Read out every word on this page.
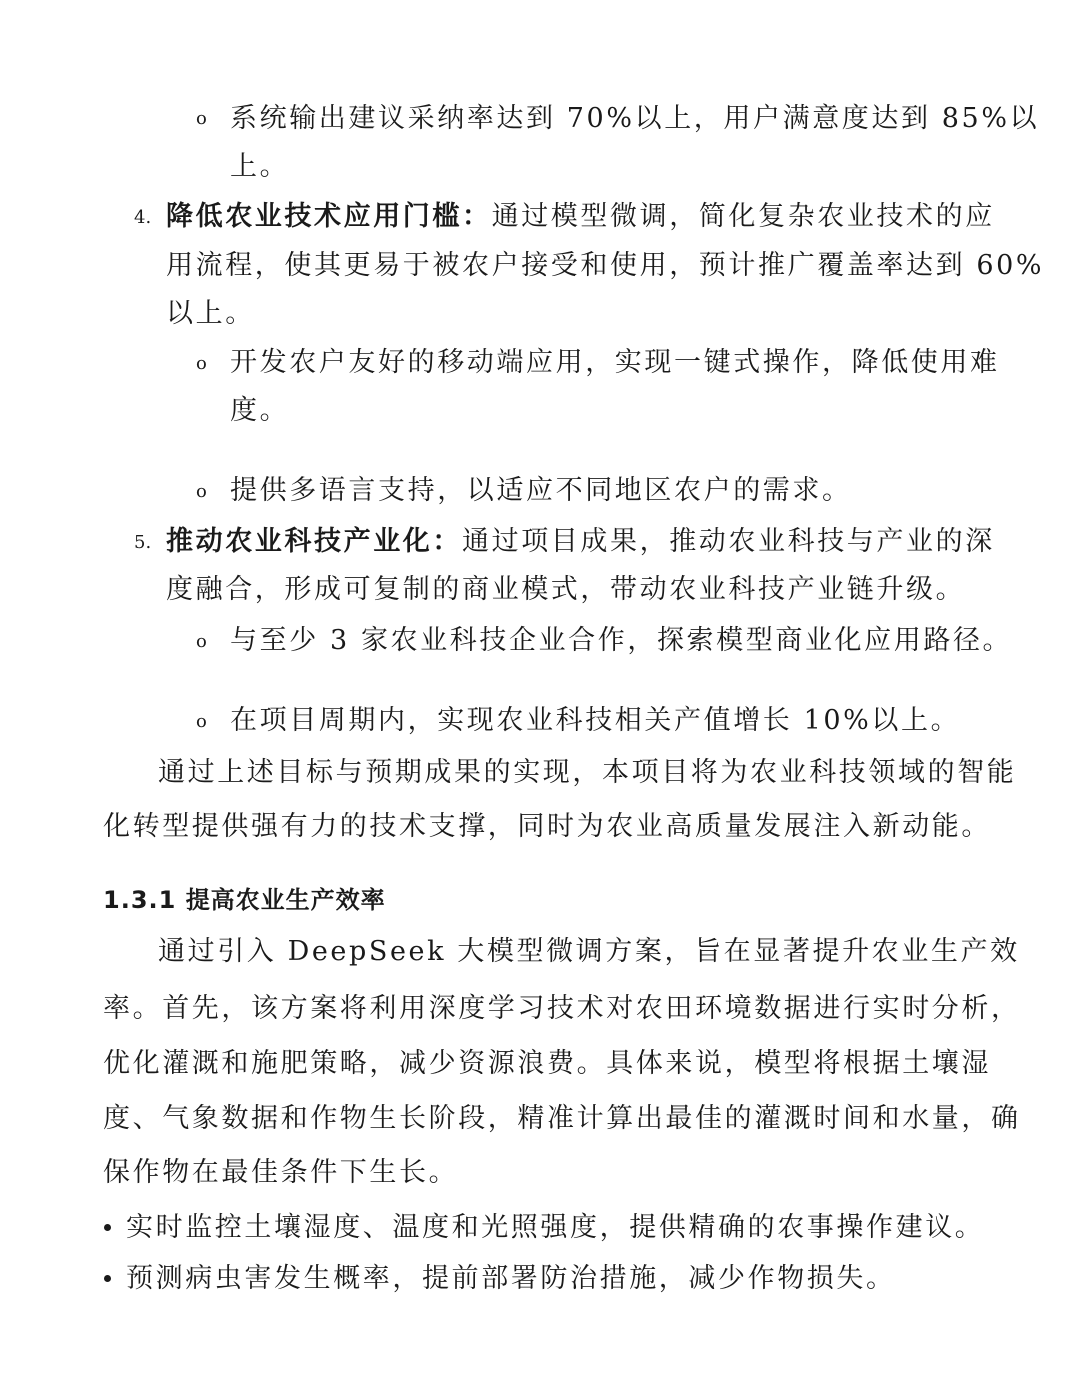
o 系统输出建议采纳率达到 70%以上，用户满意度达到 85%以
上。
4. 降低农业技术应用门槛：通过模型微调，简化复杂农业技术的应
用流程，使其更易于被农户接受和使用，预计推广覆盖率达到 60%
以上。
o 开发农户友好的移动端应用，实现一键式操作，降低使用难
度。
o 提供多语言支持，以适应不同地区农户的需求。
5. 推动农业科技产业化：通过项目成果，推动农业科技与产业的深
度融合，形成可复制的商业模式，带动农业科技产业链升级。
o 与至少 3 家农业科技企业合作，探索模型商业化应用路径。
o 在项目周期内，实现农业科技相关产值增长 10%以上。
通过上述目标与预期成果的实现，本项目将为农业科技领域的智能
化转型提供强有力的技术支撑，同时为农业高质量发展注入新动能。
1.3.1 提高农业生产效率
通过引入 DeepSeek 大模型微调方案，旨在显著提升农业生产效
率。首先，该方案将利用深度学习技术对农田环境数据进行实时分析，
优化灌溉和施肥策略，减少资源浪费。具体来说，模型将根据土壤湿
度、气象数据和作物生长阶段，精准计算出最佳的灌溉时间和水量，确
保作物在最佳条件下生长。
实时监控土壤湿度、温度和光照强度，提供精确的农事操作建议。
预测病虫害发生概率，提前部署防治措施，减少作物损失。
